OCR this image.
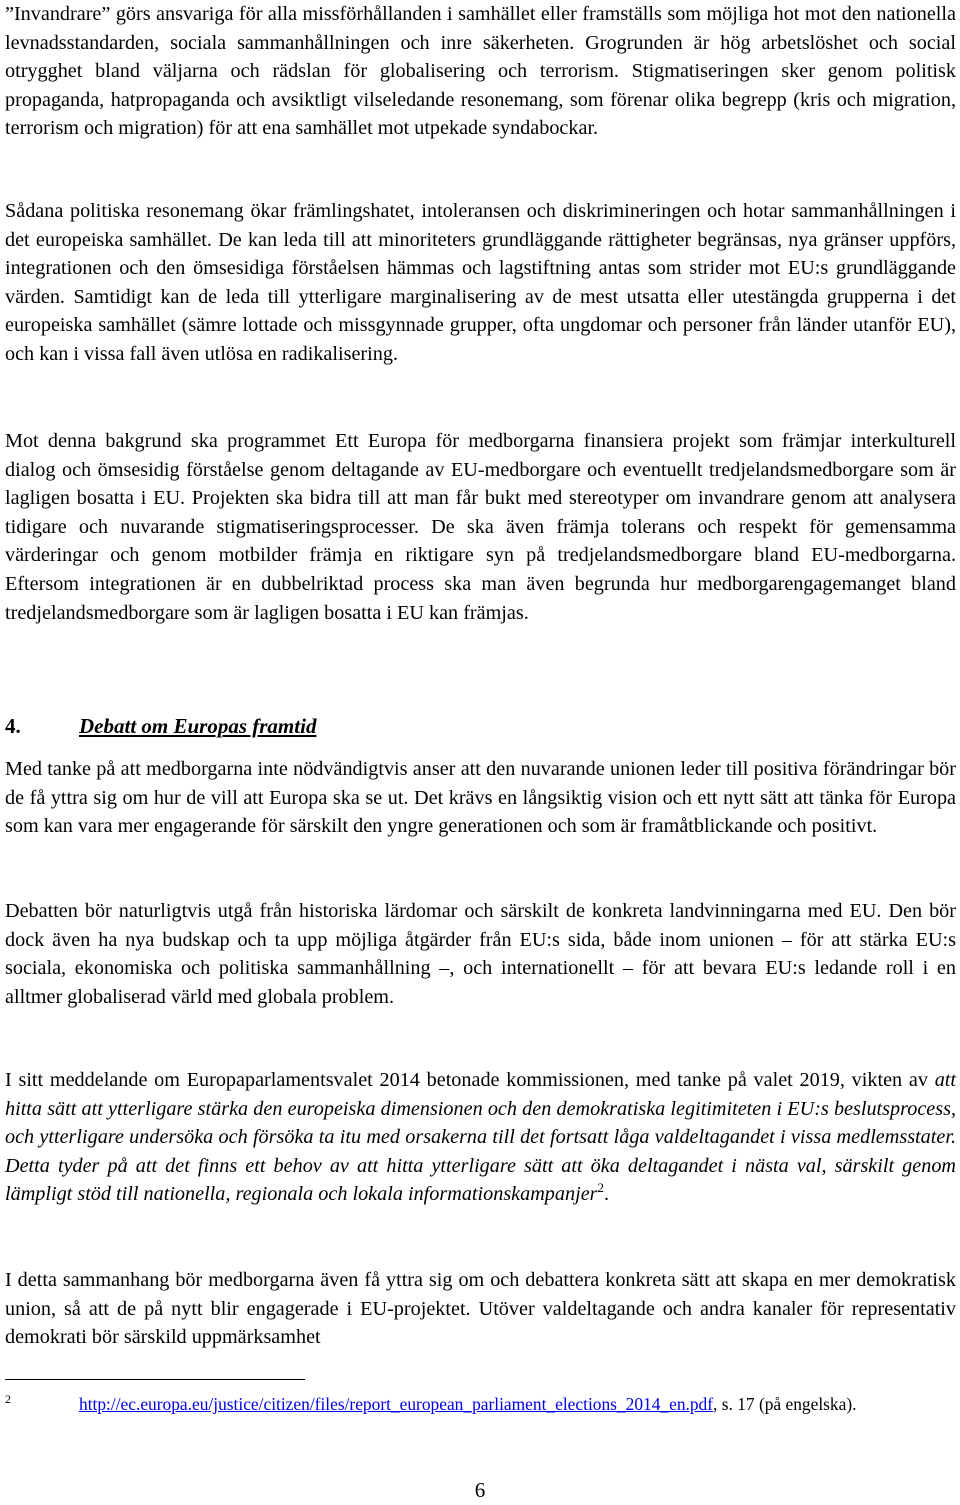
”Invandrare” görs ansvariga för alla missförhållanden i samhället eller framställs som möjliga hot mot den nationella levnadsstandarden, sociala sammanhållningen och inre säkerheten. Grogrunden är hög arbetslöshet och social otrygghet bland väljarna och rädslan för globalisering och terrorism. Stigmatiseringen sker genom politisk propaganda, hatpropaganda och avsiktligt vilseledande resonemang, som förenar olika begrepp (kris och migration, terrorism och migration) för att ena samhället mot utpekade syndabockar.

Sådana politiska resonemang ökar främlingshatet, intoleransen och diskrimineringen och hotar sammanhållningen i det europeiska samhället. De kan leda till att minoriteters grundläggande rättigheter begränsas, nya gränser uppförs, integrationen och den ömsesidiga förståelsen hämmas och lagstiftning antas som strider mot EU:s grundläggande värden. Samtidigt kan de leda till ytterligare marginalisering av de mest utsatta eller utestängda grupperna i det europeiska samhället (sämre lottade och missgynnade grupper, ofta ungdomar och personer från länder utanför EU), och kan i vissa fall även utlösa en radikalisering.

Mot denna bakgrund ska programmet Ett Europa för medborgarna finansiera projekt som främjar interkulturell dialog och ömsesidig förståelse genom deltagande av EU-medborgare och eventuellt tredjelandsmedborgare som är lagligen bosatta i EU. Projekten ska bidra till att man får bukt med stereotyper om invandrare genom att analysera tidigare och nuvarande stigmatiseringsprocesser. De ska även främja tolerans och respekt för gemensamma värderingar och genom motbilder främja en riktigare syn på tredjelandsmedborgare bland EU-medborgarna. Eftersom integrationen är en dubbelriktad process ska man även begrunda hur medborgarengagemanget bland tredjelandsmedborgare som är lagligen bosatta i EU kan främjas.

4.	Debatt om Europas framtid

Med tanke på att medborgarna inte nödvändigtvis anser att den nuvarande unionen leder till positiva förändringar bör de få yttra sig om hur de vill att Europa ska se ut. Det krävs en långsiktig vision och ett nytt sätt att tänka för Europa som kan vara mer engagerande för särskilt den yngre generationen och som är framåtblickande och positivt.

Debatten bör naturligtvis utgå från historiska lärdomar och särskilt de konkreta landvinningarna med EU. Den bör dock även ha nya budskap och ta upp möjliga åtgärder från EU:s sida, både inom unionen – för att stärka EU:s sociala, ekonomiska och politiska sammanhållning –, och internationellt – för att bevara EU:s ledande roll i en alltmer globaliserad värld med globala problem.

I sitt meddelande om Europaparlamentsvalet 2014 betonade kommissionen, med tanke på valet 2019, vikten av att hitta sätt att ytterligare stärka den europeiska dimensionen och den demokratiska legitimiteten i EU:s beslutsprocess, och ytterligare undersöka och försöka ta itu med orsakerna till det fortsatt låga valdeltagandet i vissa medlemsstater. Detta tyder på att det finns ett behov av att hitta ytterligare sätt att öka deltagandet i nästa val, särskilt genom lämpligt stöd till nationella, regionala och lokala informationskampanjer$^2$.

I detta sammanhang bör medborgarna även få yttra sig om och debattera konkreta sätt att skapa en mer demokratisk union, så att de på nytt blir engagerade i EU-projektet. Utöver valdeltagande och andra kanaler för representativ demokrati bör särskild uppmärksamhet

2	http://ec.europa.eu/justice/citizen/files/report_european_parliament_elections_2014_en.pdf, s. 17 (på engelska).
6
